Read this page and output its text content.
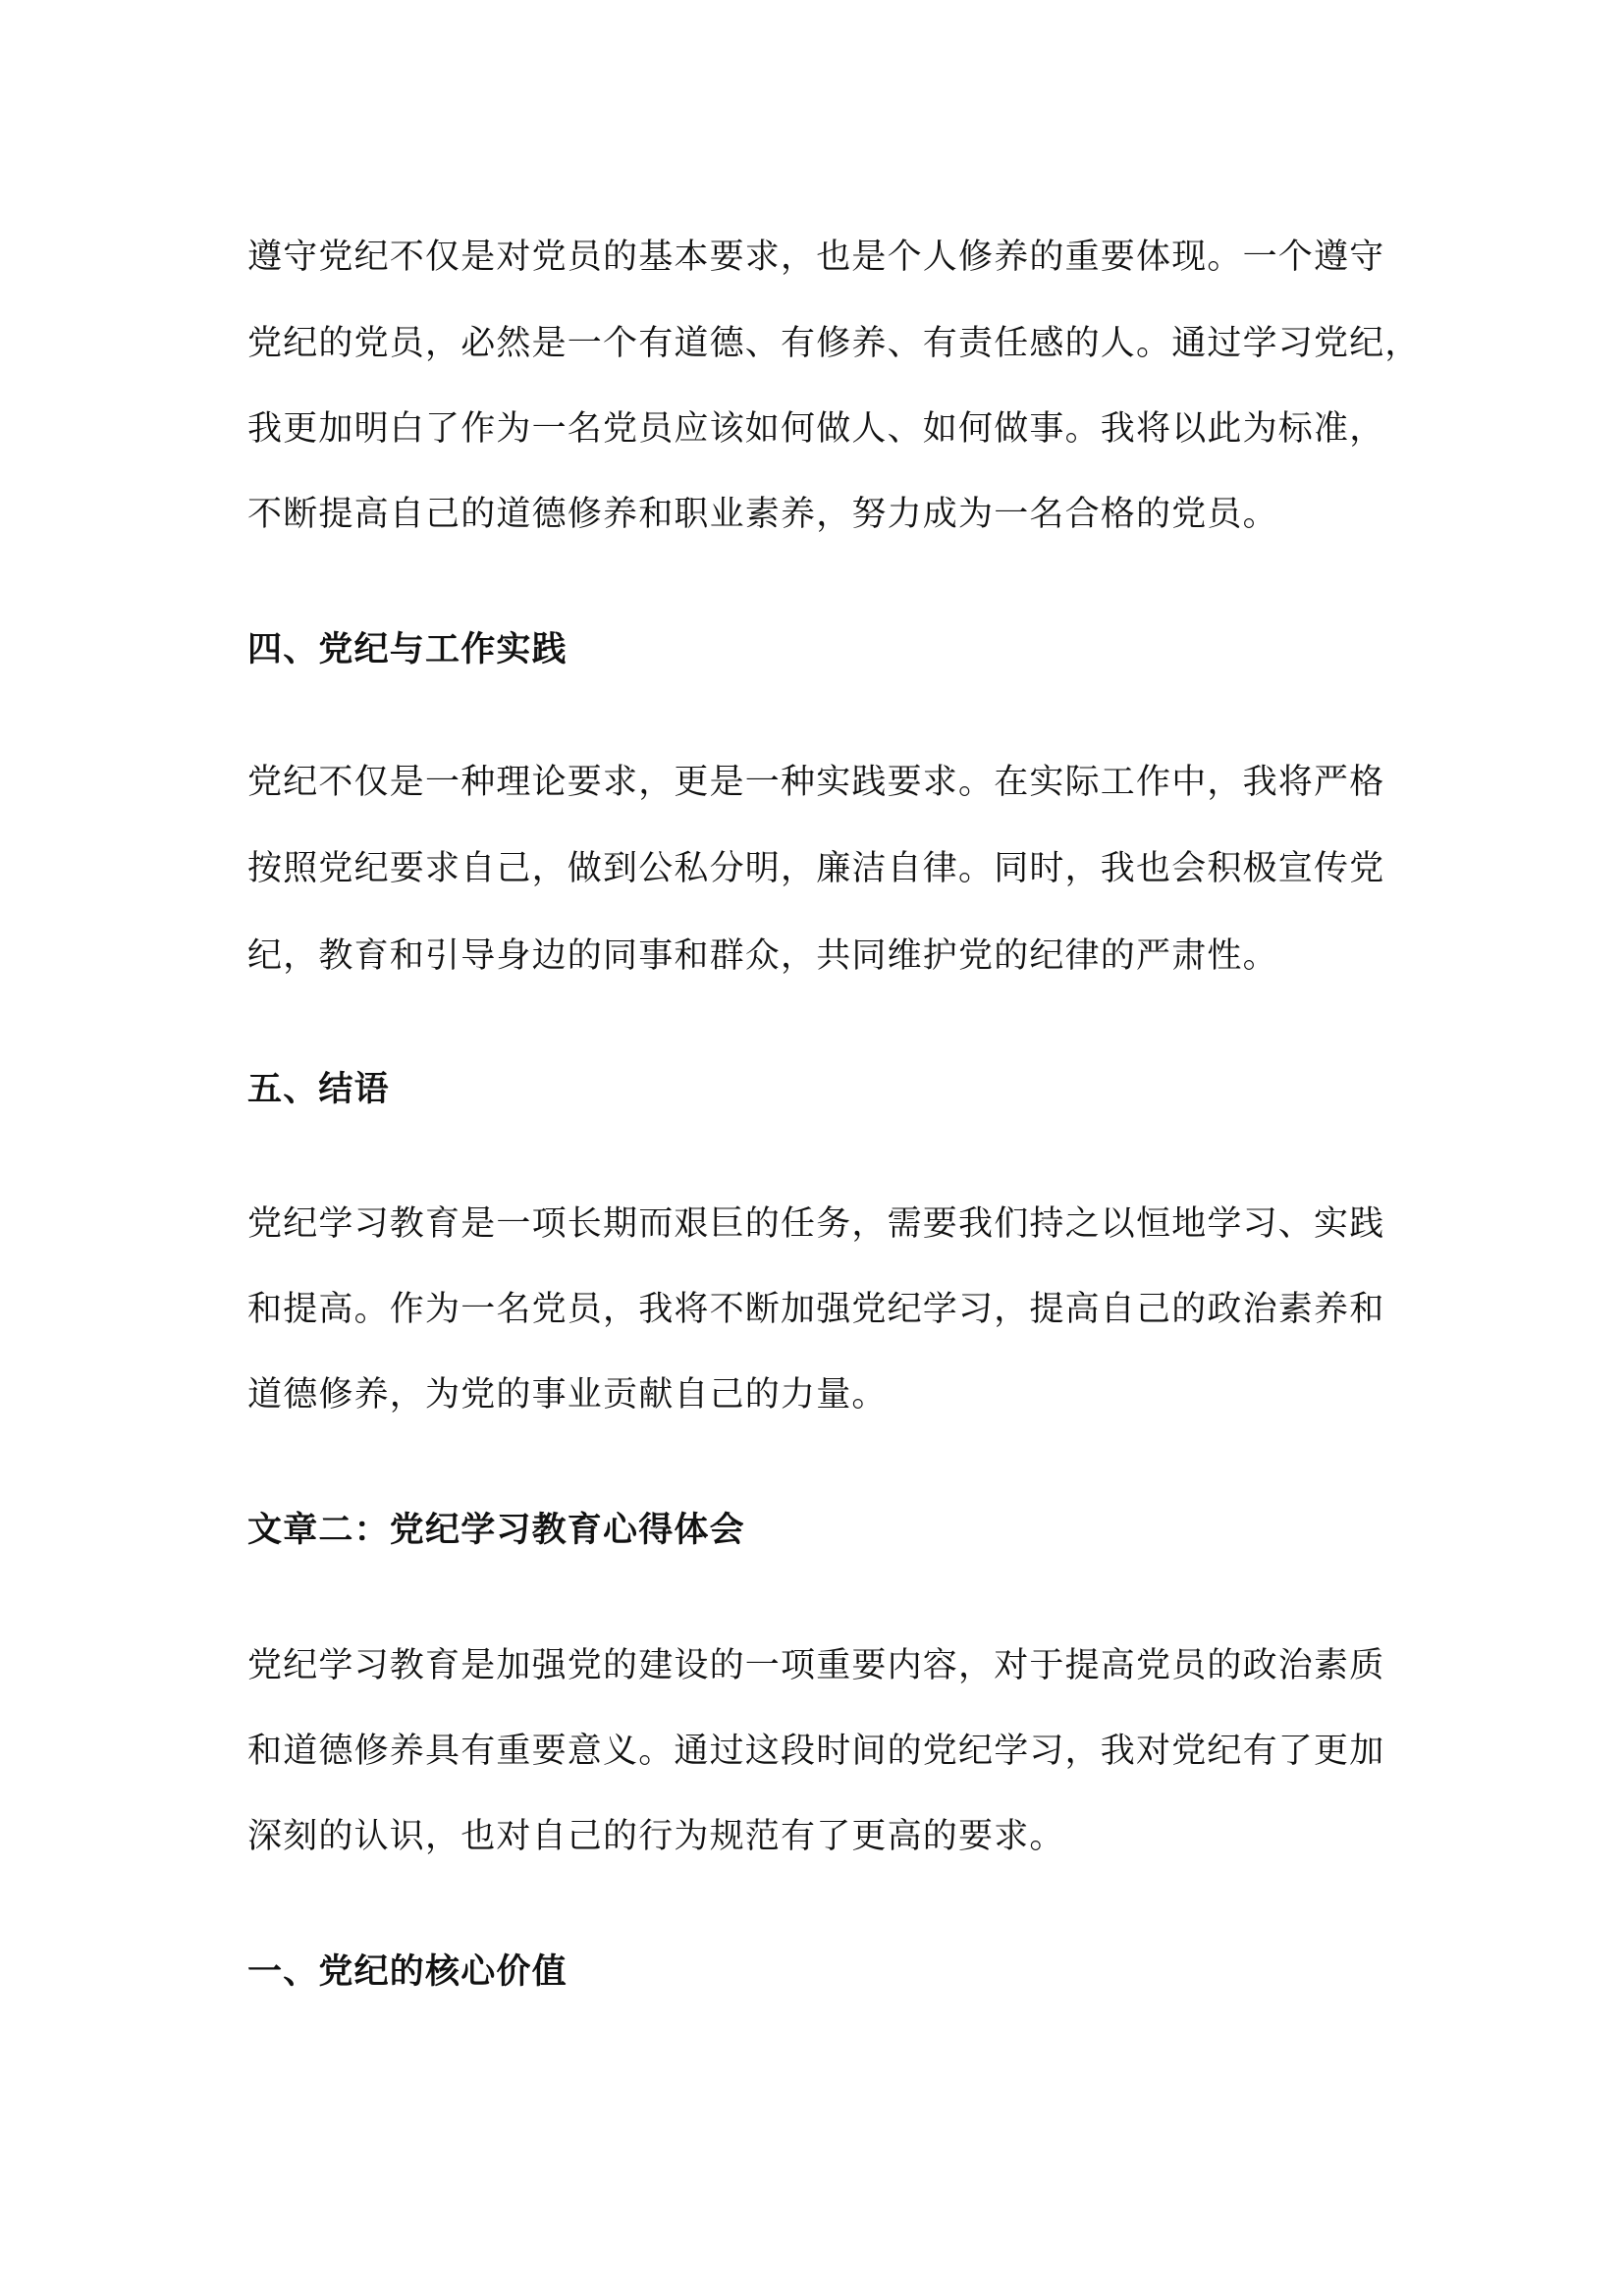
遵守党纪不仅是对党员的基本要求，也是个人修养的重要体现。一个遵守
党纪的党员，必然是一个有道德、有修养、有责任感的人。通过学习党纪，
我更加明白了作为一名党员应该如何做人、如何做事。我将以此为标准，
不断提高自己的道德修养和职业素养，努力成为一名合格的党员。
四、党纪与工作实践
党纪不仅是一种理论要求，更是一种实践要求。在实际工作中，我将严格
按照党纪要求自己，做到公私分明，廉洁自律。同时，我也会积极宣传党
纪，教育和引导身边的同事和群众，共同维护党的纪律的严肃性。
五、结语
党纪学习教育是一项长期而艰巨的任务，需要我们持之以恒地学习、实践
和提高。作为一名党员，我将不断加强党纪学习，提高自己的政治素养和
道德修养，为党的事业贡献自己的力量。
文章二：党纪学习教育心得体会
党纪学习教育是加强党的建设的一项重要内容，对于提高党员的政治素质
和道德修养具有重要意义。通过这段时间的党纪学习，我对党纪有了更加
深刻的认识，也对自己的行为规范有了更高的要求。
一、党纪的核心价值
